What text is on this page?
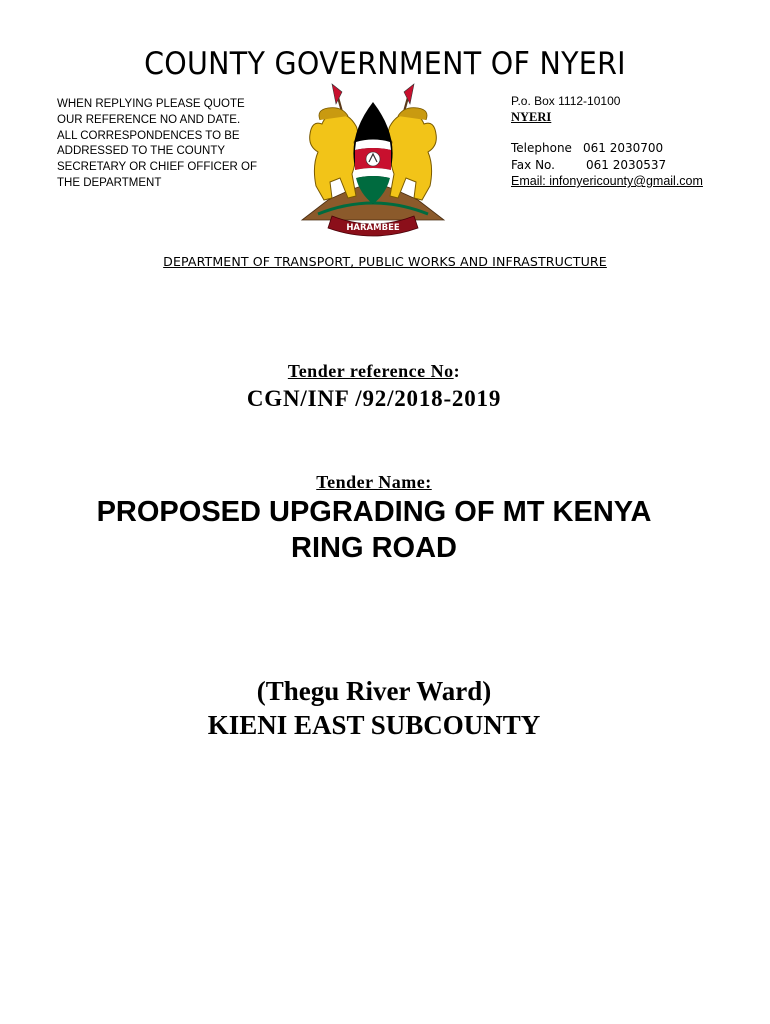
COUNTY GOVERNMENT OF NYERI
WHEN REPLYING PLEASE QUOTE
OUR REFERENCE NO AND DATE.
ALL CORRESPONDENCES TO BE
ADDRESSED TO THE COUNTY
SECRETARY OR CHIEF OFFICER OF
THE DEPARTMENT
HARAMBEE
P.o. Box 1112-10100
NYERI
Telephone 061 2030700
Fax No.	061 2030537
Email: infonyericounty@gmail.com
DEPARTMENT OF TRANSPORT, PUBLIC WORKS AND INFRASTRUCTURE
Tender reference No:
CGN/INF /92/2018-2019
Tender Name:
PROPOSED UPGRADING OF MT KENYA
RING ROAD
(Thegu River Ward)
KIENI EAST SUBCOUNTY
